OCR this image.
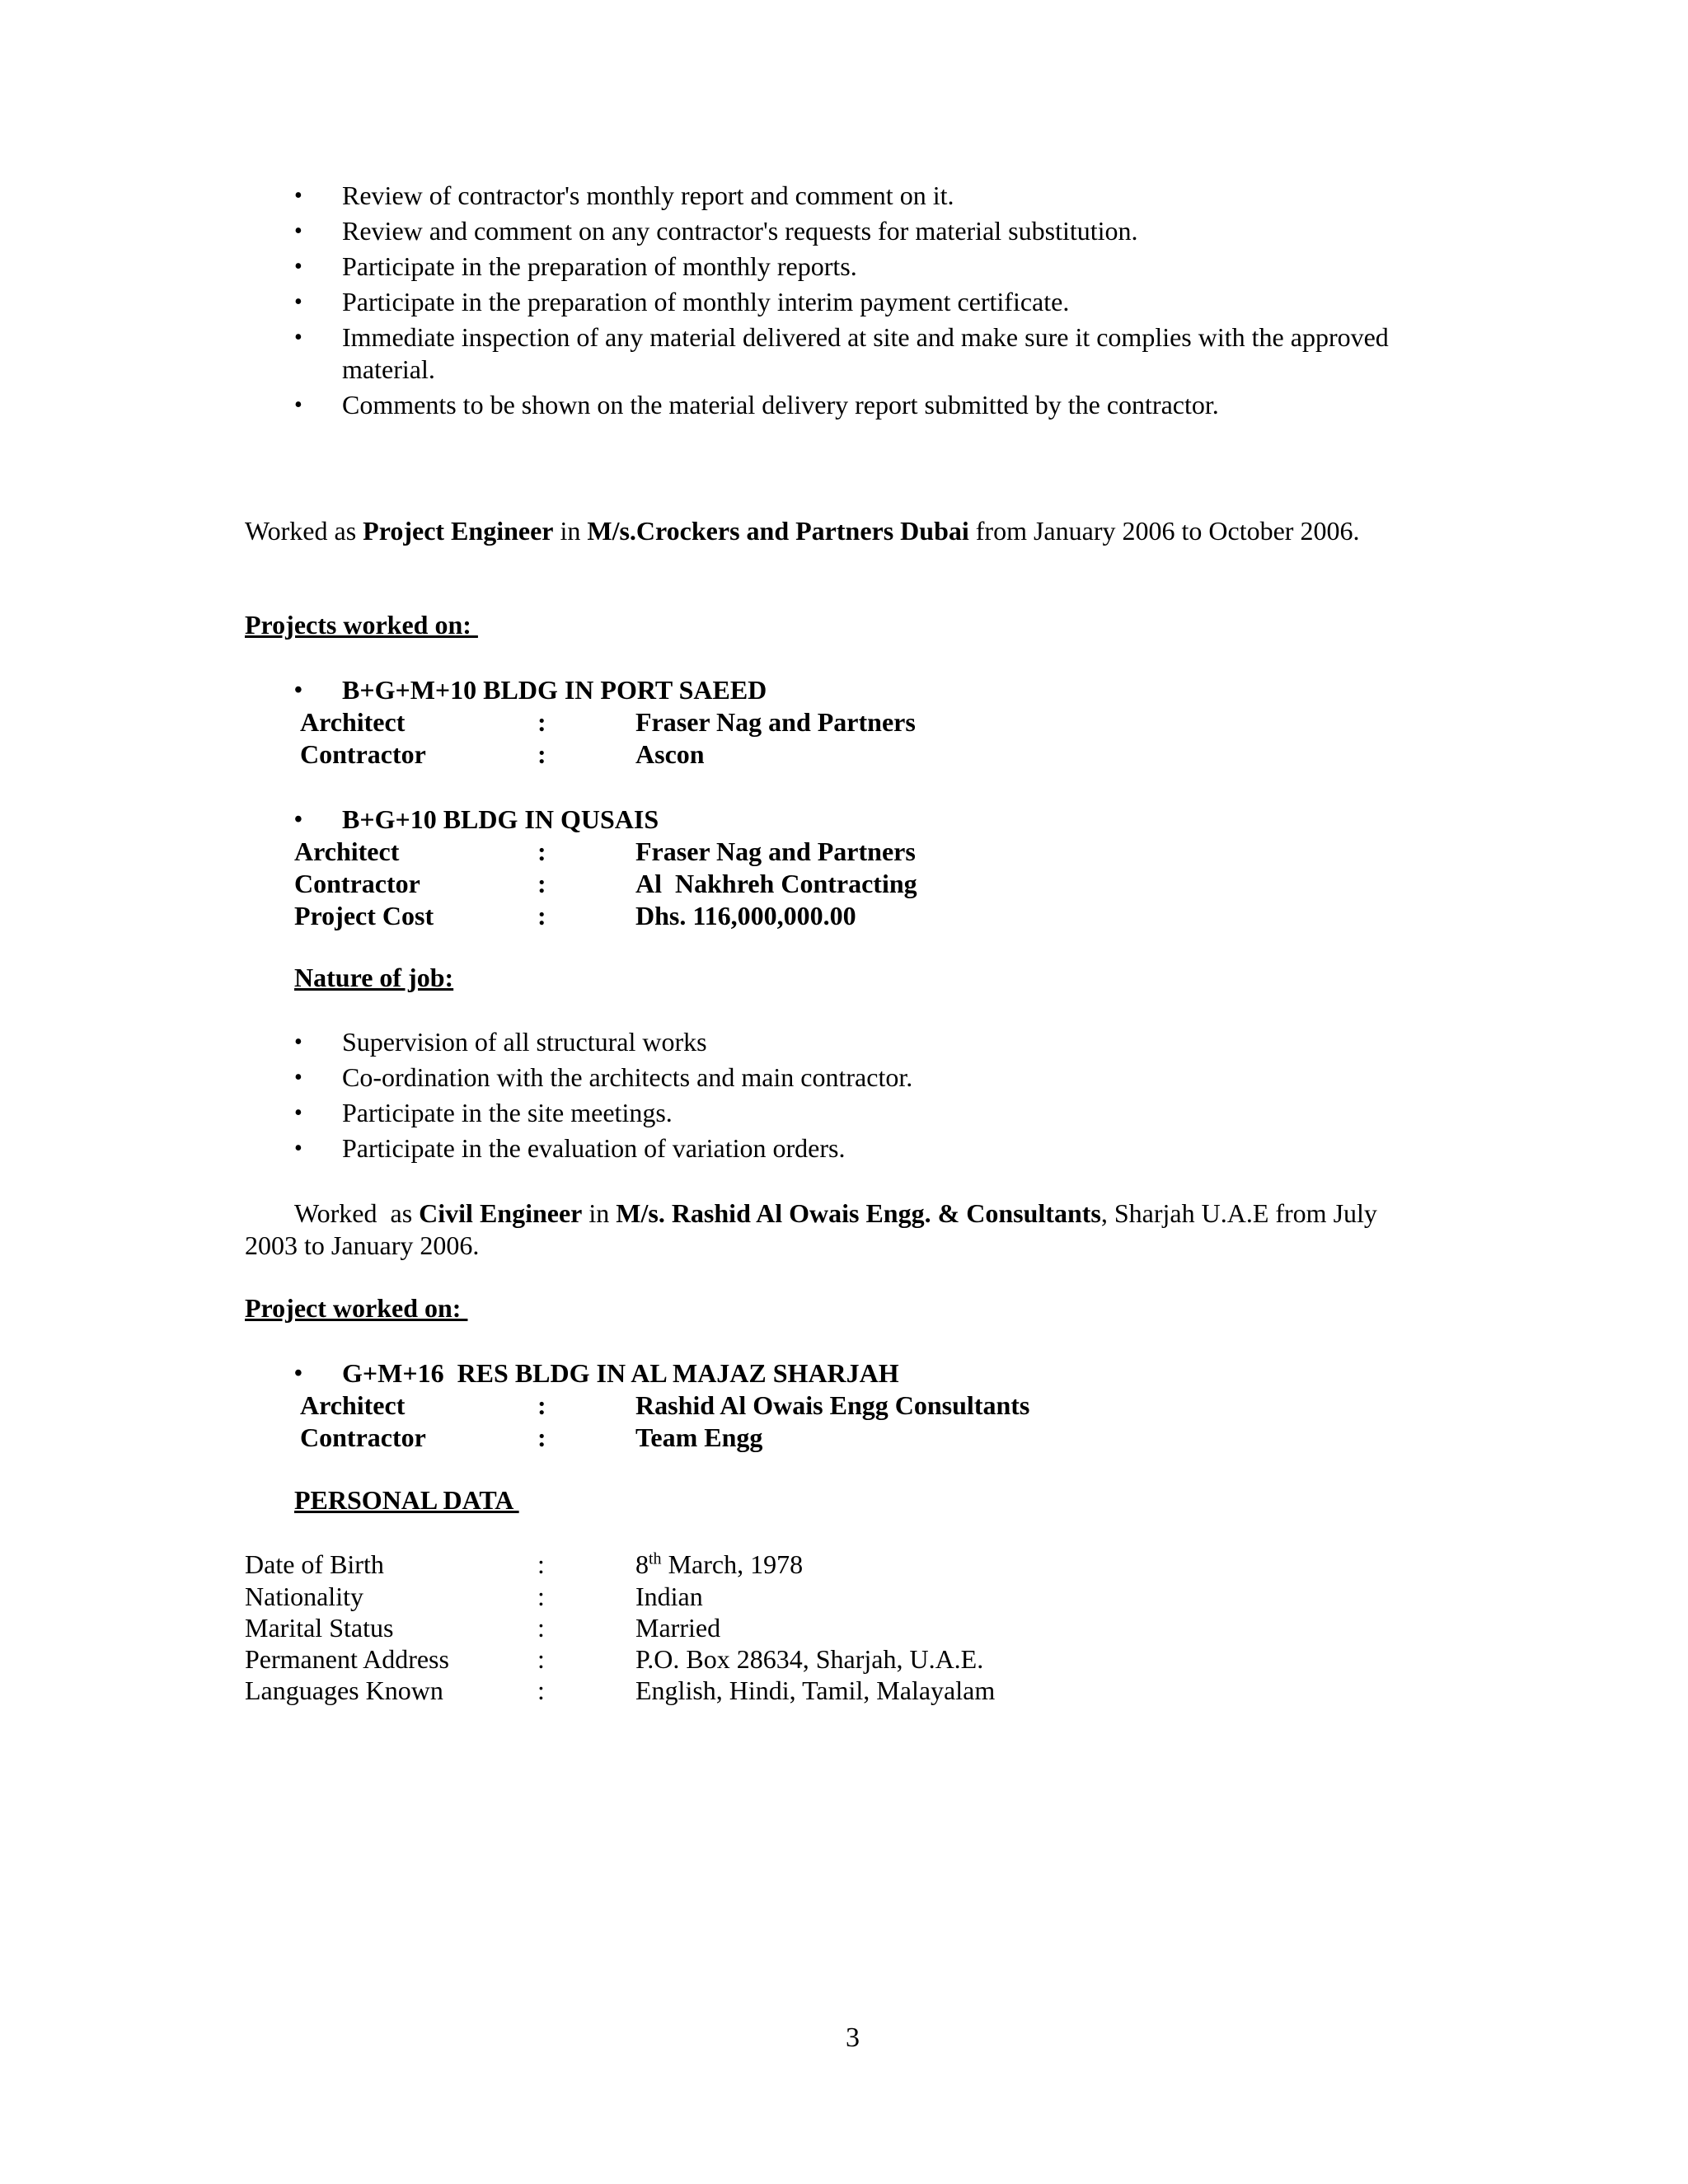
• Review of contractor's monthly report and comment on it.
• Review and comment on any contractor's requests for material substitution.
• Participate in the preparation of monthly reports.
• Participate in the preparation of monthly interim payment certificate.
• Immediate inspection of any material delivered at site and make sure it complies with the approved
material.
• Comments to be shown on the material delivery report submitted by the contractor.
Worked as Project Engineer in M/s.Crockers and Partners Dubai from January 2006 to October 2006.
Projects worked on:
• B+G+M+10 BLDG IN PORT SAEED
Architect	:	Fraser Nag and Partners
Contractor	:	Ascon
• B+G+10 BLDG IN QUSAIS
Architect	:	Fraser Nag and Partners
Contractor	:	Al  Nakhreh Contracting
Project Cost	:	Dhs. 116,000,000.00
Nature of job:
• Supervision of all structural works
• Co-ordination with the architects and main contractor.
• Participate in the site meetings.
• Participate in the evaluation of variation orders.
Worked  as Civil Engineer in M/s. Rashid Al Owais Engg. & Consultants, Sharjah U.A.E from July
2003 to January 2006.
Project worked on:
• G+M+16  RES BLDG IN AL MAJAZ SHARJAH
Architect	:	Rashid Al Owais Engg Consultants
Contractor	:	Team Engg
PERSONAL DATA
Date of Birth	:	8th March, 1978
Nationality	:	Indian
Marital Status	:	Married
Permanent Address	:	P.O. Box 28634, Sharjah, U.A.E.
Languages Known	:	English, Hindi, Tamil, Malayalam
3
